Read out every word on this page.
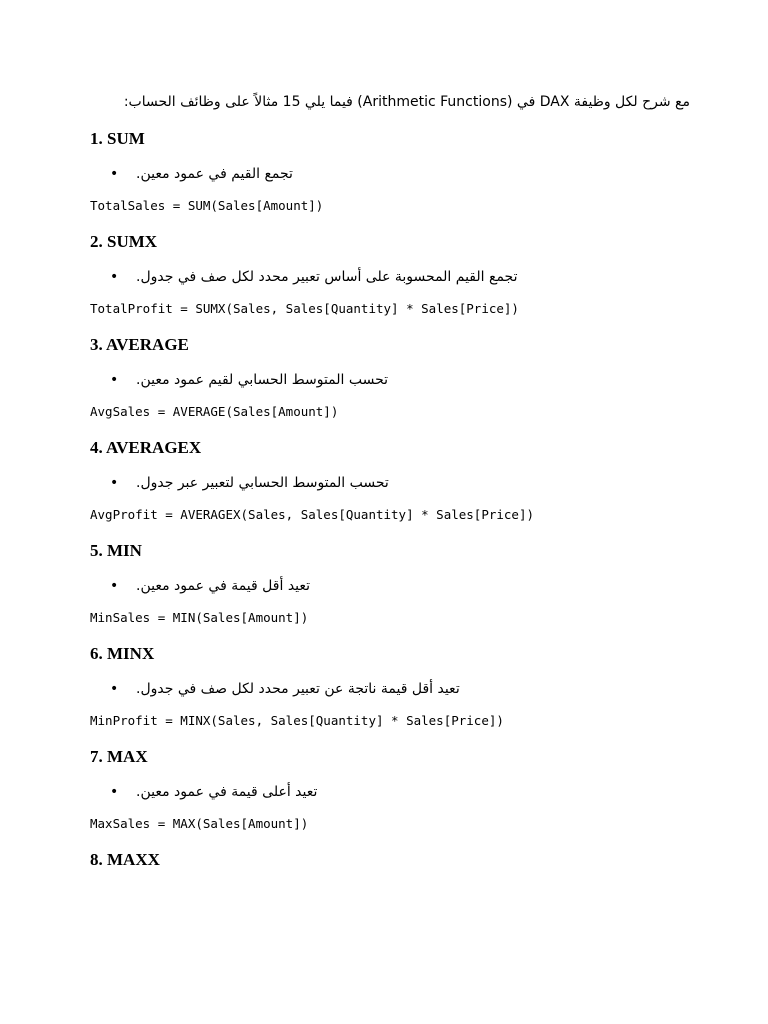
مع شرح لكل وظيفة DAX في (Arithmetic Functions) فيما يلي 15 مثالاً على وظائف الحساب:

1. SUM
•	تجمع القيم في عمود معين.
TotalSales = SUM(Sales[Amount])
2. SUMX
•	تجمع القيم المحسوبة على أساس تعبير محدد لكل صف في جدول.
TotalProfit = SUMX(Sales, Sales[Quantity] * Sales[Price])
3. AVERAGE
•	تحسب المتوسط الحسابي لقيم عمود معين.
AvgSales = AVERAGE(Sales[Amount])
4. AVERAGEX
•	تحسب المتوسط الحسابي لتعبير عبر جدول.
AvgProfit = AVERAGEX(Sales, Sales[Quantity] * Sales[Price])
5. MIN
•	تعيد أقل قيمة في عمود معين.
MinSales = MIN(Sales[Amount])
6. MINX
•	تعيد أقل قيمة ناتجة عن تعبير محدد لكل صف في جدول.
MinProfit = MINX(Sales, Sales[Quantity] * Sales[Price])
7. MAX
•	تعيد أعلى قيمة في عمود معين.
MaxSales = MAX(Sales[Amount])
8. MAXX
